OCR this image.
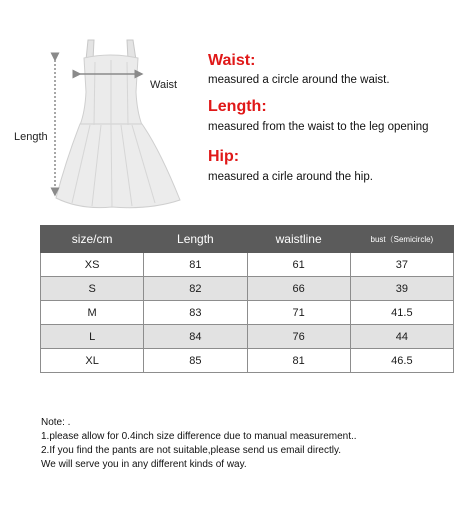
Waist
Length
Waist:
measured a circle around the waist.
Length:
measured from the waist to the leg opening
Hip:
measured a cirle around the hip.
size/cm	Length	waistline	bust（Semicircle)
XS	81	61	37
S	82	66	39
M	83	71	41.5
L	84	76	44
XL	85	81	46.5
Note: .
1.please allow for 0.4inch size difference due to manual measurement..
2.If you find the pants are not suitable,please send us email directly.
We will serve you in any different kinds of way.
